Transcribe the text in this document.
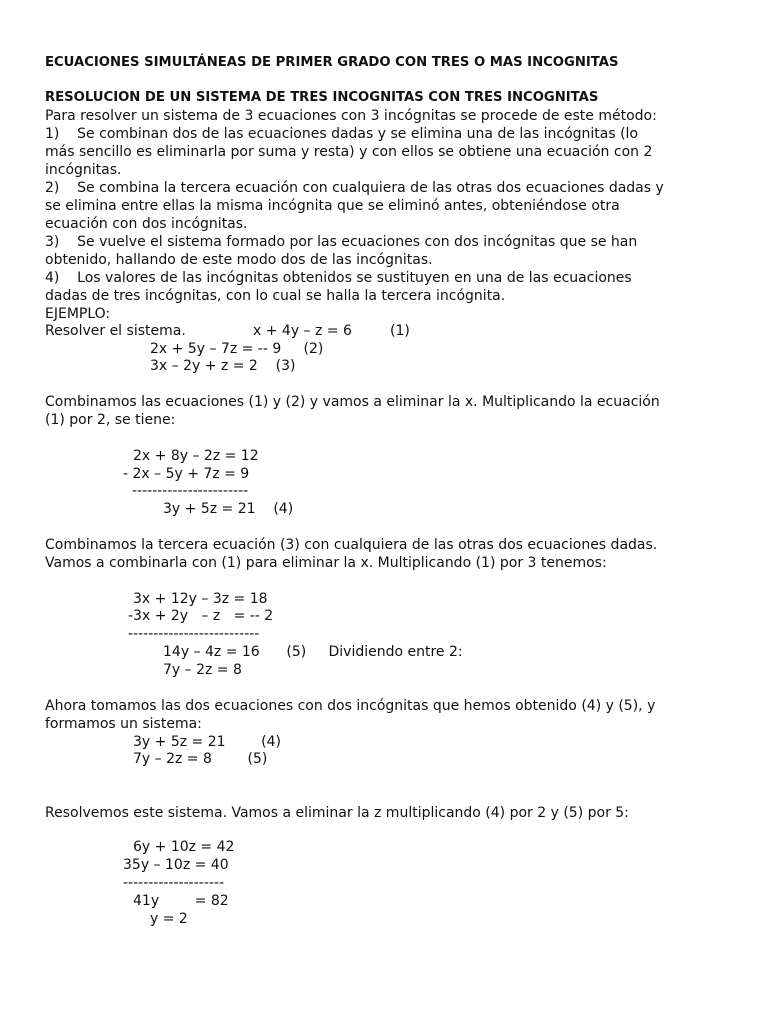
ECUACIONES SIMULTÁNEAS DE PRIMER GRADO CON TRES O MAS INCOGNITAS
RESOLUCION DE UN SISTEMA DE TRES INCOGNITAS CON TRES INCOGNITAS
Para resolver un sistema de 3 ecuaciones con 3 incógnitas se procede de este método:
1)    Se combinan dos de las ecuaciones dadas y se elimina una de las incógnitas (lo
más sencillo es eliminarla por suma y resta) y con ellos se obtiene una ecuación con 2
incógnitas.
2)    Se combina la tercera ecuación con cualquiera de las otras dos ecuaciones dadas y
se elimina entre ellas la misma incógnita que se eliminó antes, obteniéndose otra
ecuación con dos incógnitas.
3)    Se vuelve el sistema formado por las ecuaciones con dos incógnitas que se han
obtenido, hallando de este modo dos de las incógnitas.
4)    Los valores de las incógnitas obtenidos se sustituyen en una de las ecuaciones
dadas de tres incógnitas, con lo cual se halla la tercera incógnita.
EJEMPLO:
Resolver el sistema.	x + 4y – z = 6	(1)
2x + 5y – 7z = -- 9     (2)
3x – 2y + z = 2    (3)
Combinamos las ecuaciones (1) y (2) y vamos a eliminar la x. Multiplicando la ecuación
(1) por 2, se tiene:
2x + 8y – 2z = 12
- 2x – 5y + 7z = 9
-----------------------
3y + 5z = 21    (4)
Combinamos la tercera ecuación (3) con cualquiera de las otras dos ecuaciones dadas.
Vamos a combinarla con (1) para eliminar la x. Multiplicando (1) por 3 tenemos:
3x + 12y – 3z = 18
-3x + 2y   – z   = -- 2
--------------------------
14y – 4z = 16      (5)     Dividiendo entre 2:
7y – 2z = 8
Ahora tomamos las dos ecuaciones con dos incógnitas que hemos obtenido (4) y (5), y
formamos un sistema:
3y + 5z = 21        (4)
7y – 2z = 8        (5)
Resolvemos este sistema. Vamos a eliminar la z multiplicando (4) por 2 y (5) por 5:
6y + 10z = 42
35y – 10z = 40
--------------------
41y        = 82
y = 2
